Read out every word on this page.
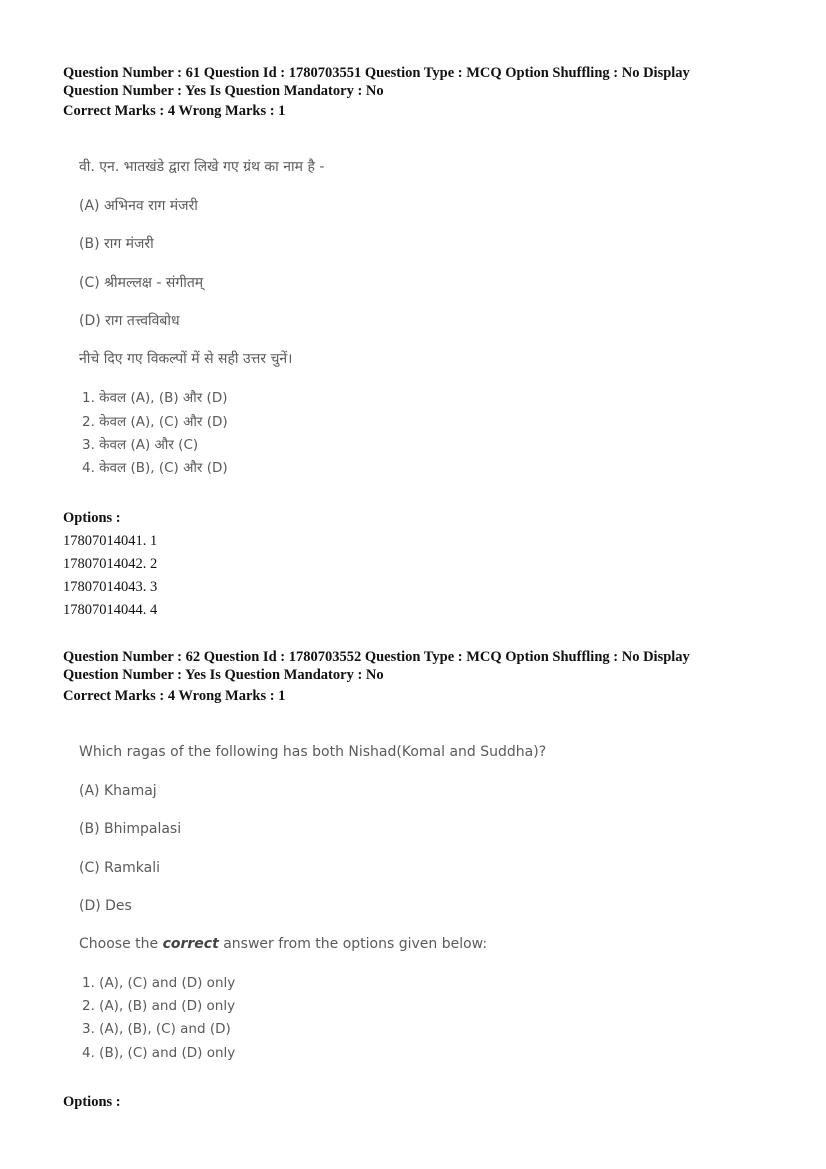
Question Number : 61 Question Id : 1780703551 Question Type : MCQ Option Shuffling : No Display
Question Number : Yes Is Question Mandatory : No
Correct Marks : 4 Wrong Marks : 1
वी. एन. भातखंडे द्वारा लिखे गए ग्रंथ का नाम है -
(A) अभिनव राग मंजरी
(B) राग मंजरी
(C) श्रीमल्लक्ष - संगीतम्
(D) राग तत्त्वविबोध
नीचे दिए गए विकल्पों में से सही उत्तर चुनें।
1. केवल (A), (B) और (D)
2. केवल (A), (C) और (D)
3. केवल (A) और (C)
4. केवल (B), (C) और (D)
Options :
17807014041. 1
17807014042. 2
17807014043. 3
17807014044. 4
Question Number : 62 Question Id : 1780703552 Question Type : MCQ Option Shuffling : No Display
Question Number : Yes Is Question Mandatory : No
Correct Marks : 4 Wrong Marks : 1
Which ragas of the following has both Nishad(Komal and Suddha)?
(A) Khamaj
(B) Bhimpalasi
(C) Ramkali
(D) Des
Choose the correct answer from the options given below:
1. (A), (C) and (D) only
2. (A), (B) and (D) only
3. (A), (B), (C) and (D)
4. (B), (C) and (D) only
Options :
